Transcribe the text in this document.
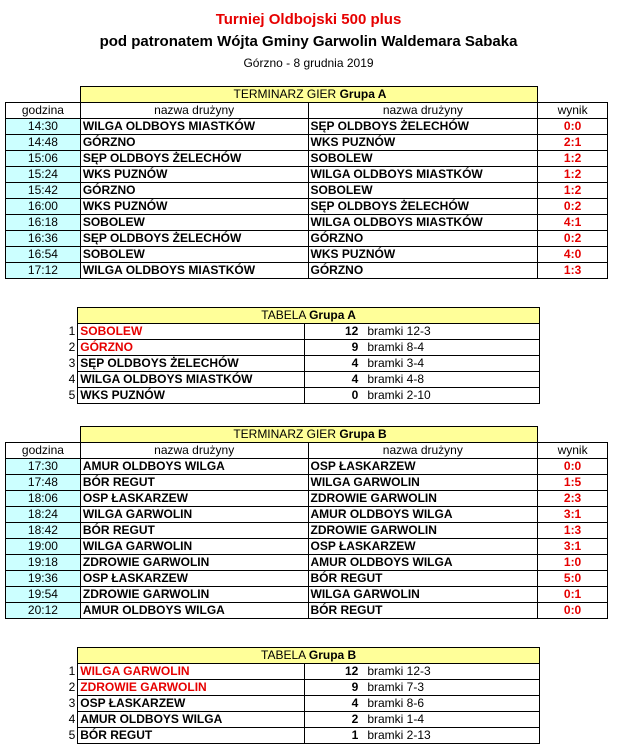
Turniej Oldbojski 500 plus
pod patronatem Wójta Gminy Garwolin Waldemara Sabaka
Górzno - 8 grudnia 2019
	TERMINARZ GIER Grupa A		
godzina	nazwa drużyny	nazwa drużyny	wynik
14:30	WILGA OLDBOYS MIASTKÓW	SĘP OLDBOYS ŻELECHÓW	0:0
14:48	GÓRZNO	WKS PUZNÓW	2:1
15:06	SĘP OLDBOYS ŻELECHÓW	SOBOLEW	1:2
15:24	WKS PUZNÓW	WILGA OLDBOYS MIASTKÓW	1:2
15:42	GÓRZNO	SOBOLEW	1:2
16:00	WKS PUZNÓW	SĘP OLDBOYS ŻELECHÓW	0:2
16:18	SOBOLEW	WILGA OLDBOYS MIASTKÓW	4:1
16:36	SĘP OLDBOYS ŻELECHÓW	GÓRZNO	0:2
16:54	SOBOLEW	WKS PUZNÓW	4:0
17:12	WILGA OLDBOYS MIASTKÓW	GÓRZNO	1:3
	TABELA Grupa A		
1	SOBOLEW	12	bramki 12-3
2	GÓRZNO	9	bramki 8-4
3	SĘP OLDBOYS ŻELECHÓW	4	bramki 3-4
4	WILGA OLDBOYS MIASTKÓW	4	bramki 4-8
5	WKS PUZNÓW	0	bramki 2-10
	TERMINARZ GIER Grupa B		
godzina	nazwa drużyny	nazwa drużyny	wynik
17:30	AMUR OLDBOYS WILGA	OSP ŁASKARZEW	0:0
17:48	BÓR REGUT	WILGA GARWOLIN	1:5
18:06	OSP ŁASKARZEW	ZDROWIE GARWOLIN	2:3
18:24	WILGA GARWOLIN	AMUR OLDBOYS WILGA	3:1
18:42	BÓR REGUT	ZDROWIE GARWOLIN	1:3
19:00	WILGA GARWOLIN	OSP ŁASKARZEW	3:1
19:18	ZDROWIE GARWOLIN	AMUR OLDBOYS WILGA	1:0
19:36	OSP ŁASKARZEW	BÓR REGUT	5:0
19:54	ZDROWIE GARWOLIN	WILGA GARWOLIN	0:1
20:12	AMUR OLDBOYS WILGA	BÓR REGUT	0:0
	TABELA Grupa B		
1	WILGA GARWOLIN	12	bramki 12-3
2	ZDROWIE GARWOLIN	9	bramki 7-3
3	OSP ŁASKARZEW	4	bramki 8-6
4	AMUR OLDBOYS WILGA	2	bramki 1-4
5	BÓR REGUT	1	bramki 2-13
